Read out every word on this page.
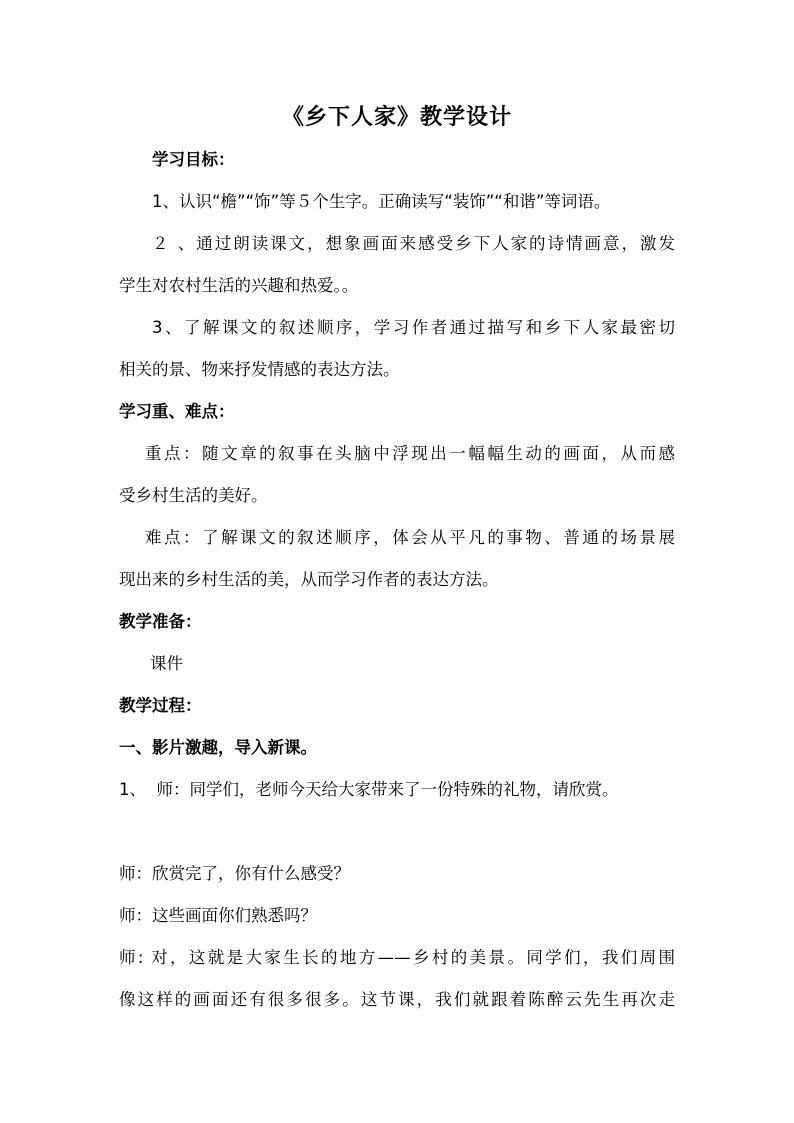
《乡下人家》教学设计
学习目标：
1、认识“檐”“饰”等５个生字。正确读写“装饰”“和谐”等词语。
２ 、通过朗读课文，想象画面来感受乡下人家的诗情画意，激发
学生对农村生活的兴趣和热爱。。
3、了解课文的叙述顺序，学习作者通过描写和乡下人家最密切
相关的景、物来抒发情感的表达方法。
学习重、难点：
重点：随文章的叙事在头脑中浮现出一幅幅生动的画面，从而感
受乡村生活的美好。
难点：了解课文的叙述顺序，体会从平凡的事物、普通的场景展
现出来的乡村生活的美，从而学习作者的表达方法。
教学准备：
课件
教学过程：
一、影片激趣，导入新课。
1、  师：同学们，老师今天给大家带来了一份特殊的礼物，请欣赏。
师：欣赏完了，你有什么感受？
师：这些画面你们熟悉吗？
师: 对，这就是大家生长的地方——乡村的美景。同学们，我们周围
像这样的画面还有很多很多。这节课，我们就跟着陈醉云先生再次走
